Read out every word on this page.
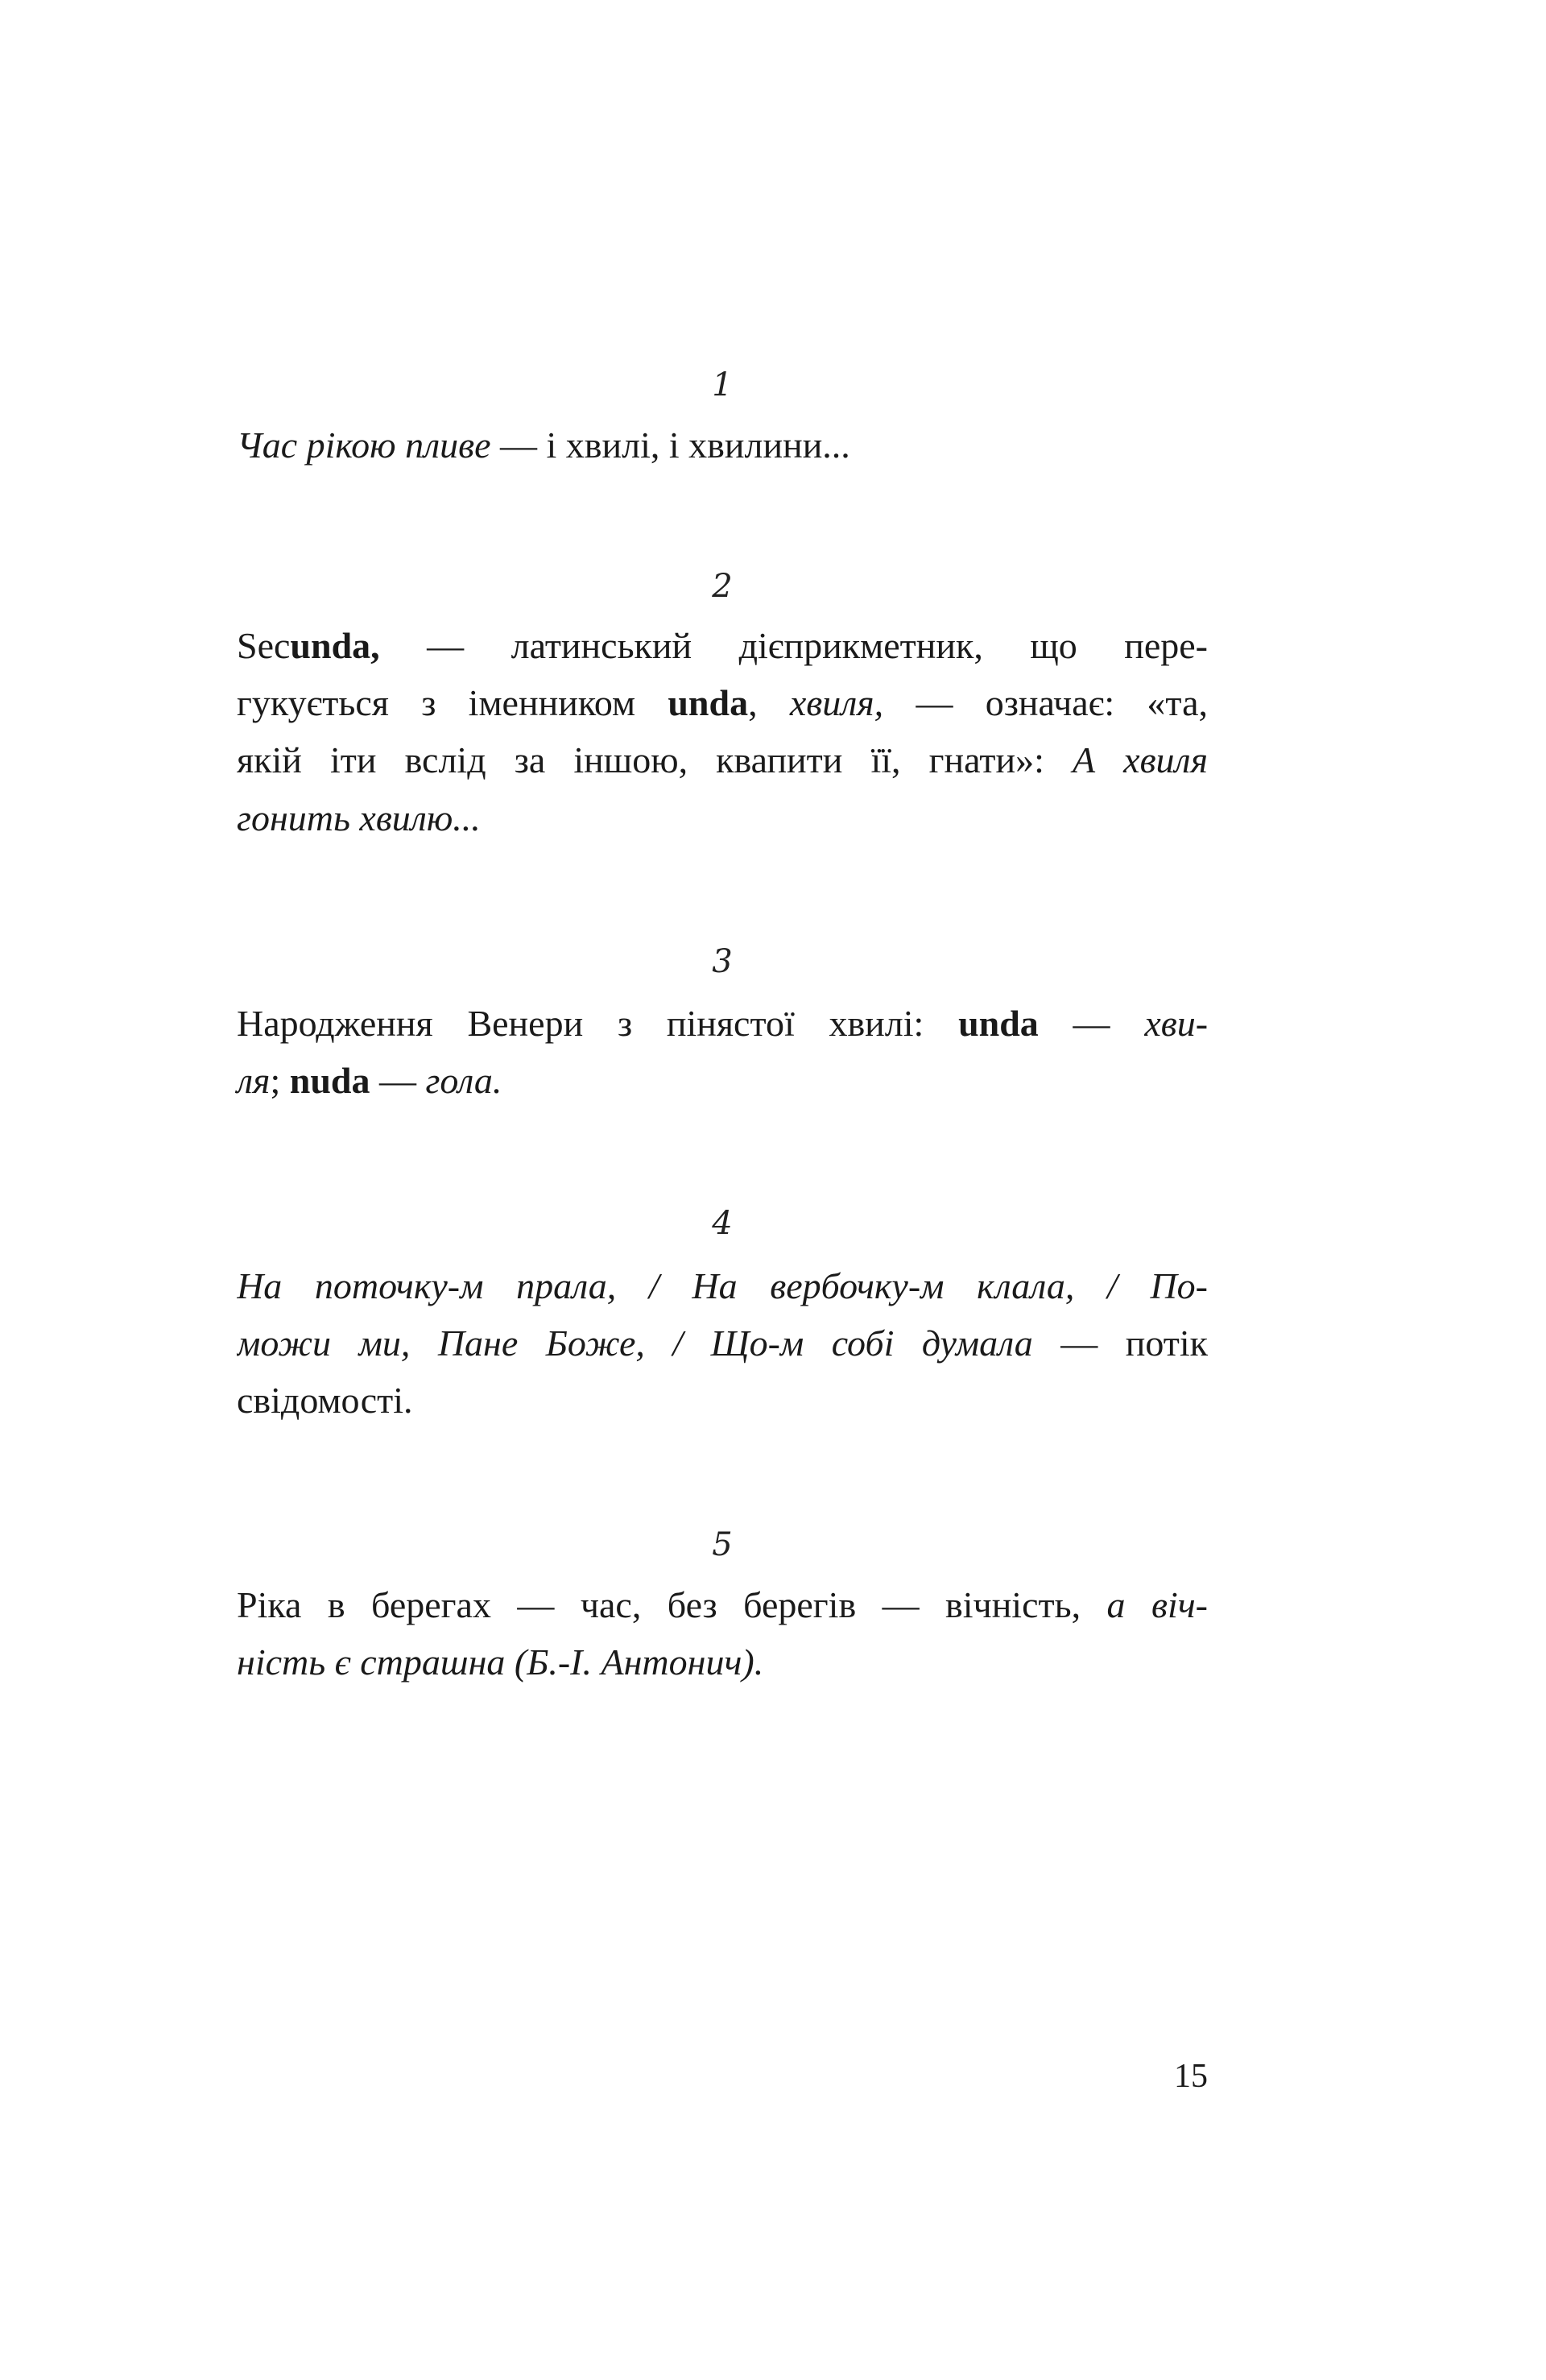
1
Час рікою пливе — і хвилі, і хвилини...
2
Secunda, — латинський дієприкметник, що пере-
гукується з іменником unda, хвиля, — означає: «та,
якій іти вслід за іншою, квапити її, гнати»: А хвиля
гонить хвилю...
3
Народження Венери з пінястої хвилі: unda — хви-
ля; nuda — гола.
4
На поточку-м прала, / На вербочку-м клала, / По-
можи ми, Пане Боже, / Що-м собі думала — потік
свідомості.
5
Ріка в берегах — час, без берегів — вічність, а віч-
ність є страшна (Б.-І. Антонич).
15
